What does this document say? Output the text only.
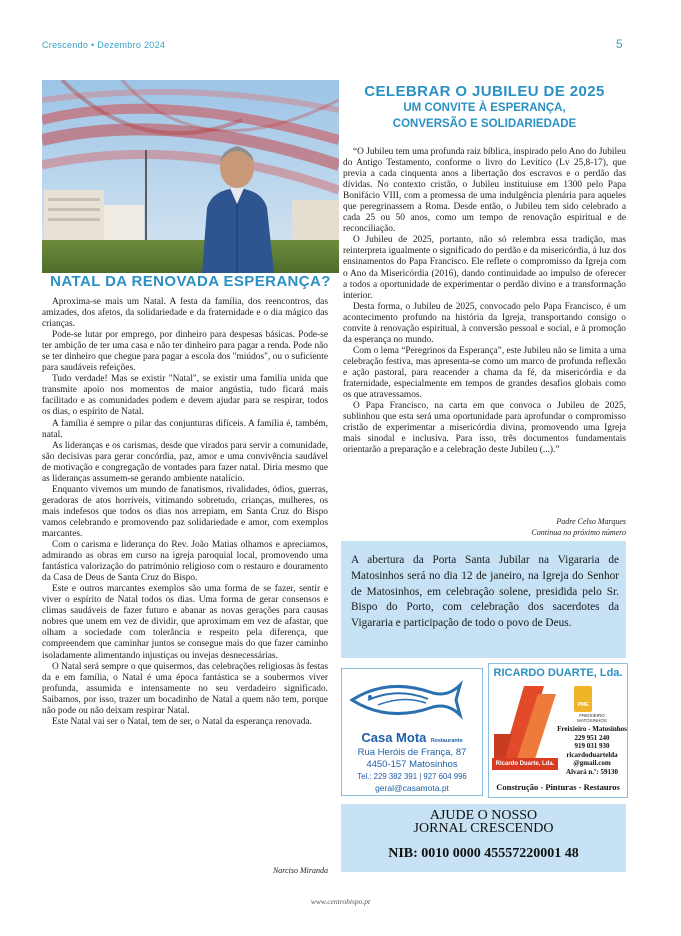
Crescendo • Dezembro 2024	5
NATAL DA RENOVADA ESPERANÇA?

Aproxima-se mais um Natal. A festa da família, dos reencontros, das amizades, dos afetos, da solidariedade e da fraternidade e o dia mágico das crianças.

Pode-se lutar por emprego, por dinheiro para despesas básicas. Pode-se ter ambição de ter uma casa e não ter dinheiro para pagar a renda. Pode não se ter dinheiro que chegue para pagar a escola dos "miúdos", ou o suficiente para saudáveis refeições.

Tudo verdade! Mas se existir "Natal", se existir uma família unida que transmite apoio nos momentos de maior angústia, tudo ficará mais facilitado e as comunidades podem e devem ajudar para se respirar, todos os dias, o espírito de Natal.

A família é sempre o pilar das conjunturas difíceis. A família é, também, natal.

As lideranças e os carismas, desde que virados para servir a comunidade, são decisivas para gerar concórdia, paz, amor e uma convivência saudável de motivação e congregação de vontades para fazer natal. Diria mesmo que as lideranças assumem-se gerando ambiente natalício.

Enquanto vivemos um mundo de fanatismos, rivalidades, ódios, guerras, geradoras de atos horríveis, vitimando sobretudo, crianças, mulheres, os mais indefesos que todos os dias nos arrepiam, em Santa Cruz do Bispo vamos celebrando e promovendo paz solidariedade e amor, com exemplos marcantes.

Com o carisma e liderança do Rev. João Matias olhamos e apreciamos, admirando as obras em curso na igreja paroquial local, promovendo uma fantástica valorização do património religioso com o restauro e douramento da Casa de Deus de Santa Cruz do Bispo.

Este e outros marcantes exemplos são uma forma de se fazer, sentir e viver o espírito de Natal todos os dias. Uma forma de gerar consensos e climas saudáveis de fazer futuro e abanar as novas gerações para causas nobres que unem em vez de dividir, que aproximam em vez de afastar, que olham a sociedade com tolerância e respeito pela diferença, que compreendem que caminhar juntos se consegue mais do que fazer caminho isoladamente alimentando injustiças ou invejas desnecessárias.

O Natal será sempre o que quisermos, das celebrações religiosas às festas da e em família, o Natal é uma época fantástica se a soubermos viver profunda, assumida e intensamente no seu verdadeiro significado. Saibamos, por isso, trazer um bocadinho de Natal a quem não tem, porque não pode ou não deixam respirar Natal.

Este Natal vai ser o Natal, tem de ser, o Natal da esperança renovada.

Narciso Miranda
CELEBRAR O JUBILEU DE 2025
UM CONVITE À ESPERANÇA,
CONVERSÃO E SOLIDARIEDADE

“O Jubileu tem uma profunda raiz bíblica, inspirado pelo Ano do Jubileu do Antigo Testamento, conforme o livro do Levítico (Lv 25,8-17), que previa a cada cinquenta anos a libertação dos escravos e o perdão das dívidas. No contexto cristão, o Jubileu instituiuse em 1300 pelo Papa Bonifácio VIII, com a promessa de uma indulgência plenária para aqueles que peregrinassem a Roma. Desde então, o Jubileu tem sido celebrado a cada 25 ou 50 anos, como um tempo de renovação espiritual e de reconciliação.

O Jubileu de 2025, portanto, não só relembra essa tradição, mas reinterpreta igualmente o significado do perdão e da misericórdia, à luz dos ensinamentos do Papa Francisco. Ele reflete o compromisso da Igreja com o Ano da Misericórdia (2016), dando continuidade ao impulso de oferecer a todos a oportunidade de experimentar o perdão divino e a transformação interior.

Desta forma, o Jubileu de 2025, convocado pelo Papa Francisco, é um acontecimento profundo na história da Igreja, transportando consigo o convite à renovação espiritual, à conversão pessoal e social, e à promoção da esperança no mundo.

Com o lema “Peregrinos da Esperança”, este Jubileu não se limita a uma celebração festiva, mas apresenta-se como um marco de profunda reflexão e ação pastoral, para reacender a chama da fé, da misericórdia e da fraternidade, especialmente em tempos de grandes desafios globais como os que atravessamos.

O Papa Francisco, na carta em que convoca o Jubileu de 2025, sublinhou que esta será uma oportunidade para aprofundar o compromisso cristão de experimentar a misericórdia divina, promovendo uma Igreja mais sinodal e inclusiva. Para isso, três documentos fundamentais orientarão a preparação e a celebração deste Jubileu (...).”

Padre Celso Marques
Continua no próximo número
A abertura da Porta Santa Jubilar na Vigararia de Matosinhos será no dia 12 de janeiro, na Igreja do Senhor de Matosinhos, em celebração solene, presidida pelo Sr. Bispo do Porto, com celebração dos sacerdotes da Vigararia e participação de todo o povo de Deus.
Casa Mota Restaurante
Rua Heróis de França, 87
4450-157 Matosinhos
Tel.: 229 382 391 | 927 604 996
geral@casamota.pt
RICARDO DUARTE, Lda.
Ricardo Duarte, Lda.
PME
FREIXIEIRO
MATOSINHOS
Freixieiro - Matosinhos
229 951 240
919 031 930
ricardoduartelda
@gmail.com
Alvará n.º: 59130
Construção - Pinturas - Restauros
AJUDE O NOSSO
JORNAL CRESCENDO
NIB: 0010 0000 45557220001 48
www.centrobispo.pt
